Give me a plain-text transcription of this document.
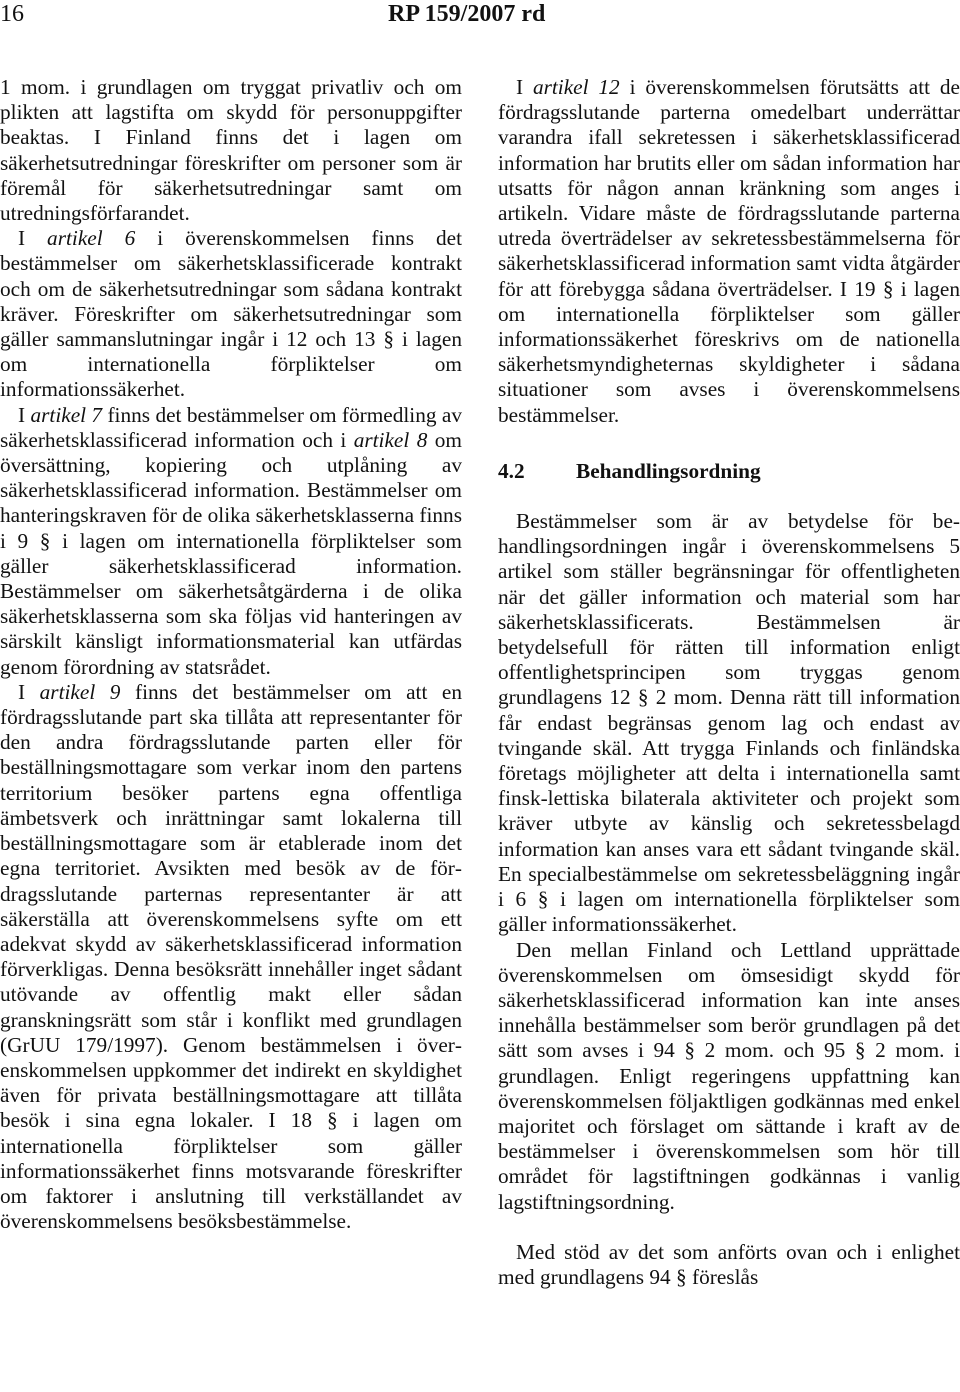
16	RP 159/2007 rd

1 mom. i grundlagen om tryggat privatliv och om plikten att lagstifta om skydd för personuppgifter beaktas. I Finland finns det i lagen om säkerhetsutredningar föreskrifter om personer som är föremål för säkerhetsutredningar samt om utredningsförfarandet.

I artikel 6 i överenskommelsen finns det bestämmelser om säkerhetsklassificerade kontrakt och om de säkerhetsutredningar som sådana kontrakt kräver. Föreskrifter om säkerhetsutredningar som gäller sammanslutningar ingår i 12 och 13 § i lagen om internationella förpliktelser om informationssäkerhet.

I artikel 7 finns det bestämmelser om förmedling av säkerhetsklassificerad information och i artikel 8 om översättning, kopiering och utplåning av säkerhetsklassificerad information. Bestämmelser om hanteringskraven för de olika säkerhetsklasserna finns i 9 § i lagen om internationella förpliktelser som gäller säkerhetsklassificerad information. Bestämmelser om säkerhetsåtgärderna i de olika säkerhetsklasserna som ska följas vid hanteringen av särskilt känsligt informationsmaterial kan utfärdas genom förordning av statsrådet.

I artikel 9 finns det bestämmelser om att en fördragsslutande part ska tillåta att representanter för den andra fördragsslutande parten eller för beställningsmottagare som verkar inom den partens territorium besöker partens egna offentliga ämbetsverk och inrättningar samt lokalerna till beställningsmottagare som är etablerade inom det egna territoriet. Avsikten med besök av de fördragsslutande parternas representanter är att säkerställa att överenskommelsens syfte om ett adekvat skydd av säkerhetsklassificerad information förverkligas. Denna besöksrätt innehåller inget sådant utövande av offentlig makt eller sådan granskningsrätt som står i konflikt med grundlagen (GrUU 179/1997). Genom bestämmelsen i överenskommelsen uppkommer det indirekt en skyldighet även för privata beställningsmottagare att tillåta besök i sina egna lokaler. I 18 § i lagen om internationella förpliktelser som gäller informationssäkerhet finns motsvarande föreskrifter om faktorer i anslutning till verkställandet av överenskommelsens besöksbestämmelse.

I artikel 12 i överenskommelsen förutsätts att de fördragsslutande parterna omedelbart underrättar varandra ifall sekretessen i säkerhetsklassificerad information har brutits eller om sådan information har utsatts för någon annan kränkning som anges i artikeln. Vidare måste de fördragsslutande parterna utreda överträdelser av sekretessbestämmelserna för säkerhetsklassificerad information samt vidta åtgärder för att förebygga sådana överträdelser. I 19 § i lagen om internationella förpliktelser som gäller informationssäkerhet föreskrivs om de nationella säkerhetsmyndigheternas skyldigheter i sådana situationer som avses i överenskommelsens bestämmelser.

4.2 Behandlingsordning

Bestämmelser som är av betydelse för behandlingsordningen ingår i överenskommelsens 5 artikel som ställer begränsningar för offentligheten när det gäller information och material som har säkerhetsklassificerats. Bestämmelsen är betydelsefull för rätten till information enligt offentlighetsprincipen som tryggas genom grundlagens 12 § 2 mom. Denna rätt till information får endast begränsas genom lag och endast av tvingande skäl. Att trygga Finlands och finländska företags möjligheter att delta i internationella samt finsk-lettiska bilaterala aktiviteter och projekt som kräver utbyte av känslig och sekretessbelagd information kan anses vara ett sådant tvingande skäl. En specialbestämmelse om sekretessbeläggning ingår i 6 § i lagen om internationella förpliktelser som gäller informationssäkerhet.

Den mellan Finland och Lettland upprättade överenskommelsen om ömsesidigt skydd för säkerhetsklassificerad information kan inte anses innehålla bestämmelser som berör grundlagen på det sätt som avses i 94 § 2 mom. och 95 § 2 mom. i grundlagen. Enligt regeringens uppfattning kan överenskommelsen följaktligen godkännas med enkel majoritet och förslaget om sättande i kraft av de bestämmelser i överenskommelsen som hör till området för lagstiftningen godkännas i vanlig lagstiftningsordning.

Med stöd av det som anförts ovan och i enlighet med grundlagens 94 § föreslås
